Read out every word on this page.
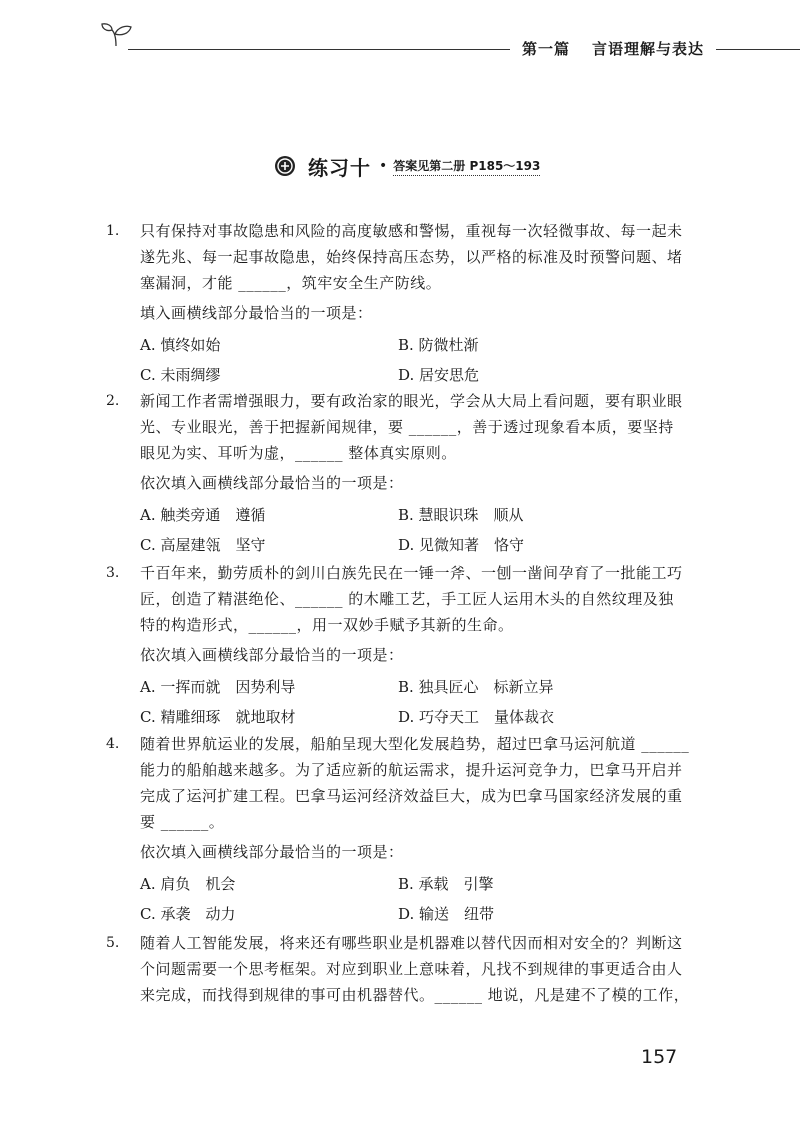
第一篇 言语理解与表达
练习十 • 答案见第二册 P185～193
1. 只有保持对事故隐患和风险的高度敏感和警惕，重视每一次轻微事故、每一起未
遂先兆、每一起事故隐患，始终保持高压态势，以严格的标准及时预警问题、堵
塞漏洞，才能 ______，筑牢安全生产防线。
填入画横线部分最恰当的一项是：
A. 慎终如始	B. 防微杜渐
C. 未雨绸缪	D. 居安思危
2. 新闻工作者需增强眼力，要有政治家的眼光，学会从大局上看问题，要有职业眼
光、专业眼光，善于把握新闻规律，要 ______，善于透过现象看本质，要坚持
眼见为实、耳听为虚，______ 整体真实原则。
依次填入画横线部分最恰当的一项是：
A. 触类旁通　遵循	B. 慧眼识珠　顺从
C. 高屋建瓴　坚守	D. 见微知著　恪守
3. 千百年来，勤劳质朴的剑川白族先民在一锤一斧、一刨一凿间孕育了一批能工巧
匠，创造了精湛绝伦、______ 的木雕工艺，手工匠人运用木头的自然纹理及独
特的构造形式，______，用一双妙手赋予其新的生命。
依次填入画横线部分最恰当的一项是：
A. 一挥而就　因势利导	B. 独具匠心　标新立异
C. 精雕细琢　就地取材	D. 巧夺天工　量体裁衣
4. 随着世界航运业的发展，船舶呈现大型化发展趋势，超过巴拿马运河航道 ______
能力的船舶越来越多。为了适应新的航运需求，提升运河竞争力，巴拿马开启并
完成了运河扩建工程。巴拿马运河经济效益巨大，成为巴拿马国家经济发展的重
要 ______。
依次填入画横线部分最恰当的一项是：
A. 肩负　机会	B. 承载　引擎
C. 承袭　动力	D. 输送　纽带
5. 随着人工智能发展，将来还有哪些职业是机器难以替代因而相对安全的？判断这
个问题需要一个思考框架。对应到职业上意味着，凡找不到规律的事更适合由人
来完成，而找得到规律的事可由机器替代。______ 地说，凡是建不了模的工作，
157
